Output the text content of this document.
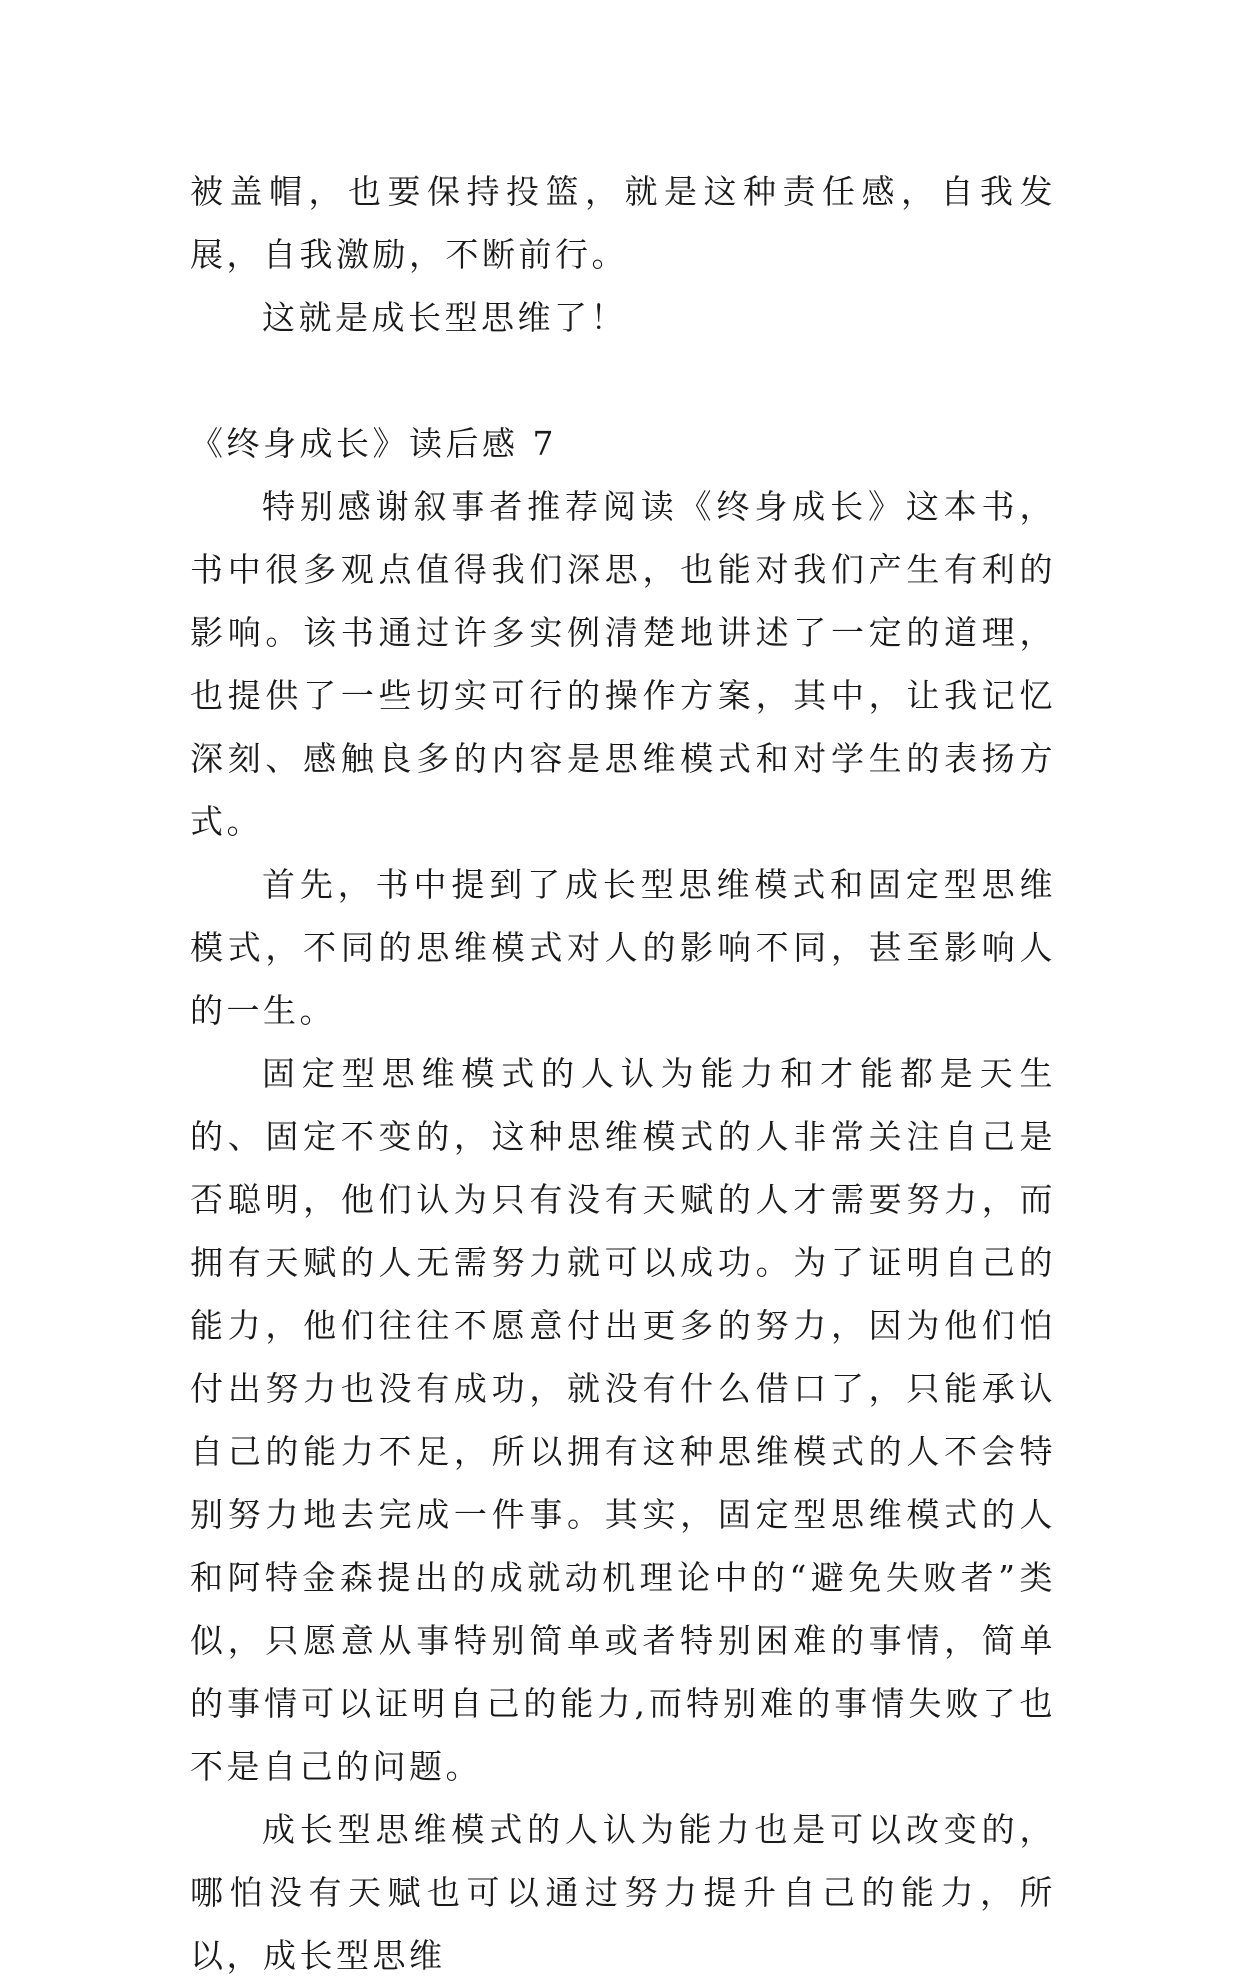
被盖帽，也要保持投篮，就是这种责任感，自我发展，自我激励，不断前行。

这就是成长型思维了！

《终身成长》读后感 7

特别感谢叙事者推荐阅读《终身成长》这本书，书中很多观点值得我们深思，也能对我们产生有利的影响。该书通过许多实例清楚地讲述了一定的道理，也提供了一些切实可行的操作方案，其中，让我记忆深刻、感触良多的内容是思维模式和对学生的表扬方式。

首先，书中提到了成长型思维模式和固定型思维模式，不同的思维模式对人的影响不同，甚至影响人的一生。

固定型思维模式的人认为能力和才能都是天生的、固定不变的，这种思维模式的人非常关注自己是否聪明，他们认为只有没有天赋的人才需要努力，而拥有天赋的人无需努力就可以成功。为了证明自己的能力，他们往往不愿意付出更多的努力，因为他们怕付出努力也没有成功，就没有什么借口了，只能承认自己的能力不足，所以拥有这种思维模式的人不会特别努力地去完成一件事。其实，固定型思维模式的人和阿特金森提出的成就动机理论中的“避免失败者”类似，只愿意从事特别简单或者特别困难的事情，简单的事情可以证明自己的能力,而特别难的事情失败了也不是自己的问题。

成长型思维模式的人认为能力也是可以改变的，哪怕没有天赋也可以通过努力提升自己的能力，所以，成长型思维
